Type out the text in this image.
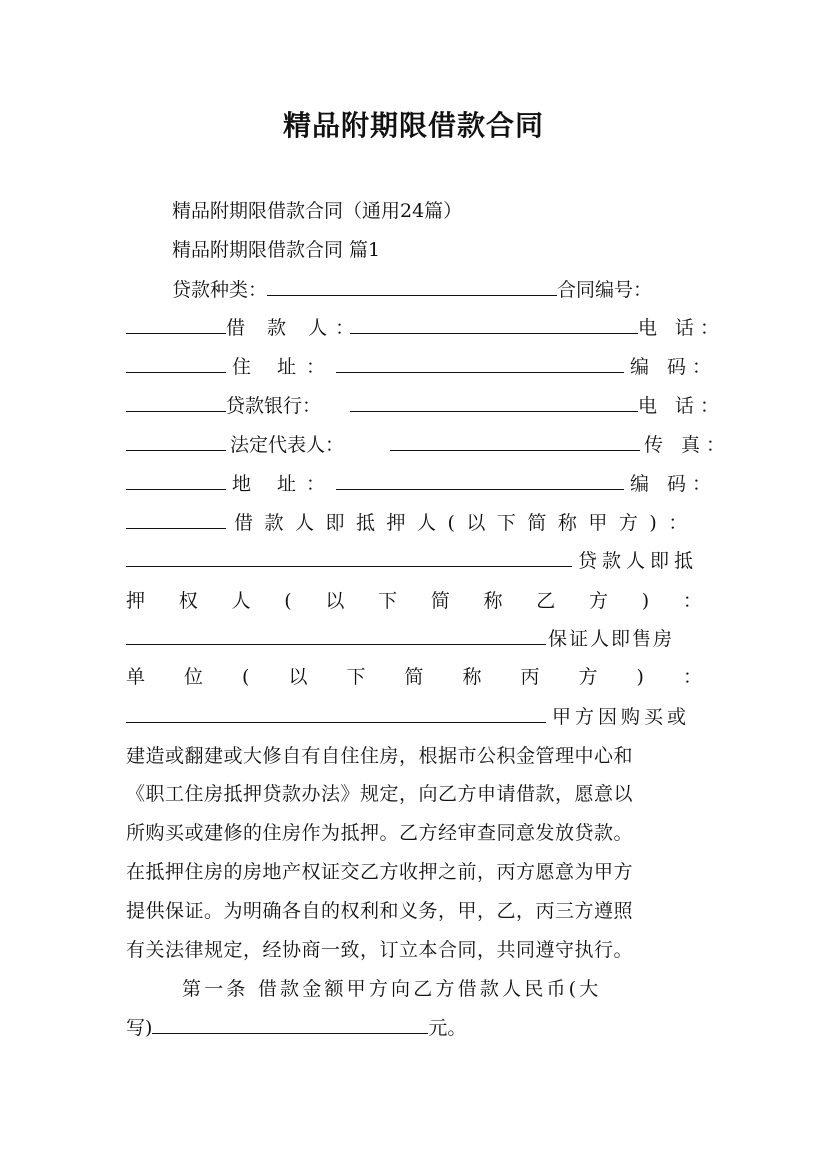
精品附期限借款合同
精品附期限借款合同（通用24篇）
精品附期限借款合同 篇1
贷款种类：	合同编号：
借 款 人：	电 话：
住 址：	编 码：
贷款银行：	电 话：
法定代表人：	传 真：
地 址：	编 码：
借款人即抵押人(以下简称甲方)：
贷款人即抵
押 权 人 ( 以 下 简 称 乙 方 ) ：
保证人即售房
单 位 ( 以 下 简 称 丙 方 ) ：
甲方因购买或
建造或翻建或大修自有自住住房，根据市公积金管理中心和
《职工住房抵押贷款办法》规定，向乙方申请借款，愿意以
所购买或建修的住房作为抵押。乙方经审查同意发放贷款。
在抵押住房的房地产权证交乙方收押之前，丙方愿意为甲方
提供保证。为明确各自的权利和义务，甲，乙，丙三方遵照
有关法律规定，经协商一致，订立本合同，共同遵守执行。
第一条 借款金额甲方向乙方借款人民币(大
写)	元。
